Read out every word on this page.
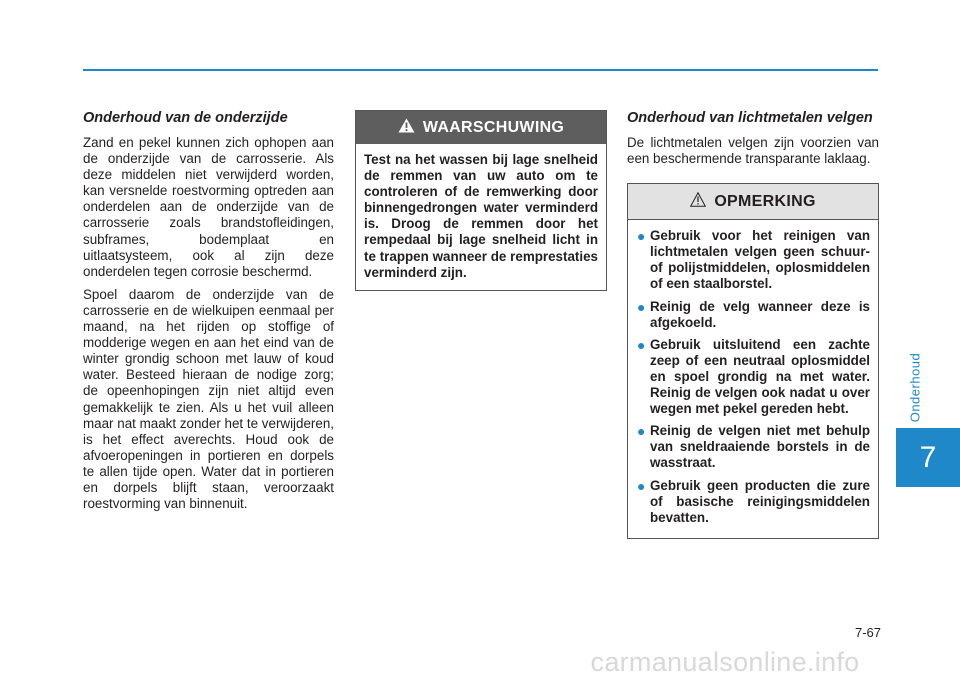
Onderhoud van de onderzijde

Zand en pekel kunnen zich ophopen aan de onderzijde van de carrosserie. Als deze middelen niet verwijderd worden, kan versnelde roestvorming optreden aan onderdelen aan de onderzijde van de carrosserie zoals brandstofleidingen, subframes, bodemplaat en uitlaatsysteem, ook al zijn deze onderdelen tegen corrosie beschermd.

Spoel daarom de onderzijde van de carrosserie en de wielkuipen eenmaal per maand, na het rijden op stoffige of modderige wegen en aan het eind van de winter grondig schoon met lauw of koud water. Besteed hieraan de nodige zorg; de opeenhopingen zijn niet altijd even gemakkelijk te zien. Als u het vuil alleen maar nat maakt zonder het te verwijderen, is het effect averechts. Houd ook de afvoeropeningen in portieren en dorpels te allen tijde open. Water dat in portieren en dorpels blijft staan, veroorzaakt roestvorming van binnenuit.

WAARSCHUWING
Test na het wassen bij lage snelheid de remmen van uw auto om te controleren of de remwerking door binnengedrongen water verminderd is. Droog de remmen door het rempedaal bij lage snelheid licht in te trappen wanneer de remprestaties verminderd zijn.
Onderhoud van lichtmetalen velgen

De lichtmetalen velgen zijn voorzien van een beschermende transparante laklaag.

OPMERKING
● Gebruik voor het reinigen van lichtmetalen velgen geen schuur- of polijstmiddelen, oplosmiddelen of een staalborstel.
● Reinig de velg wanneer deze is afgekoeld.
● Gebruik uitsluitend een zachte zeep of een neutraal oplosmiddel en spoel grondig na met water. Reinig de velgen ook nadat u over wegen met pekel gereden hebt.
● Reinig de velgen niet met behulp van sneldraaiende borstels in de wasstraat.
● Gebruik geen producten die zure of basische reinigingsmiddelen bevatten.
Onderhoud
7
7-67
carmanualsonline.info
